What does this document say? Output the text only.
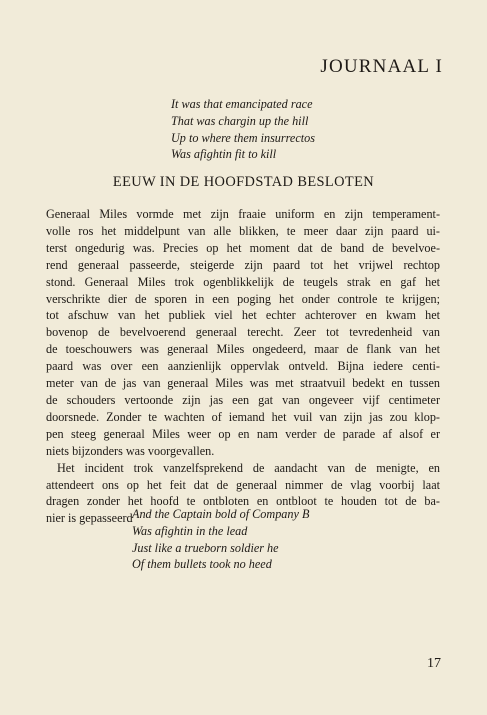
JOURNAAL I
It was that emancipated race
That was chargin up the hill
Up to where them insurrectos
Was afightin fit to kill
EEUW IN DE HOOFDSTAD BESLOTEN

Generaal Miles vormde met zijn fraaie uniform en zijn temperament-
volle ros het middelpunt van alle blikken, te meer daar zijn paard ui-
terst ongedurig was. Precies op het moment dat de band de bevelvoe-
rend generaal passeerde, steigerde zijn paard tot het vrijwel rechtop
stond. Generaal Miles trok ogenblikkelijk de teugels strak en gaf het
verschrikte dier de sporen in een poging het onder controle te krijgen;
tot afschuw van het publiek viel het echter achterover en kwam het
bovenop de bevelvoerend generaal terecht. Zeer tot tevredenheid van
de toeschouwers was generaal Miles ongedeerd, maar de flank van het
paard was over een aanzienlijk oppervlak ontveld. Bijna iedere centi-
meter van de jas van generaal Miles was met straatvuil bedekt en tussen
de schouders vertoonde zijn jas een gat van ongeveer vijf centimeter
doorsnede. Zonder te wachten of iemand het vuil van zijn jas zou klop-
pen steeg generaal Miles weer op en nam verder de parade af alsof er
niets bijzonders was voorgevallen.
Het incident trok vanzelfsprekend de aandacht van de menigte, en
attendeert ons op het feit dat de generaal nimmer de vlag voorbij laat
dragen zonder het hoofd te ontbloten en ontbloot te houden tot de ba-
nier is gepasseerd And the Captain bold of Company B
Was afightin in the lead
Just like a trueborn soldier he
Of them bullets took no heed

17
